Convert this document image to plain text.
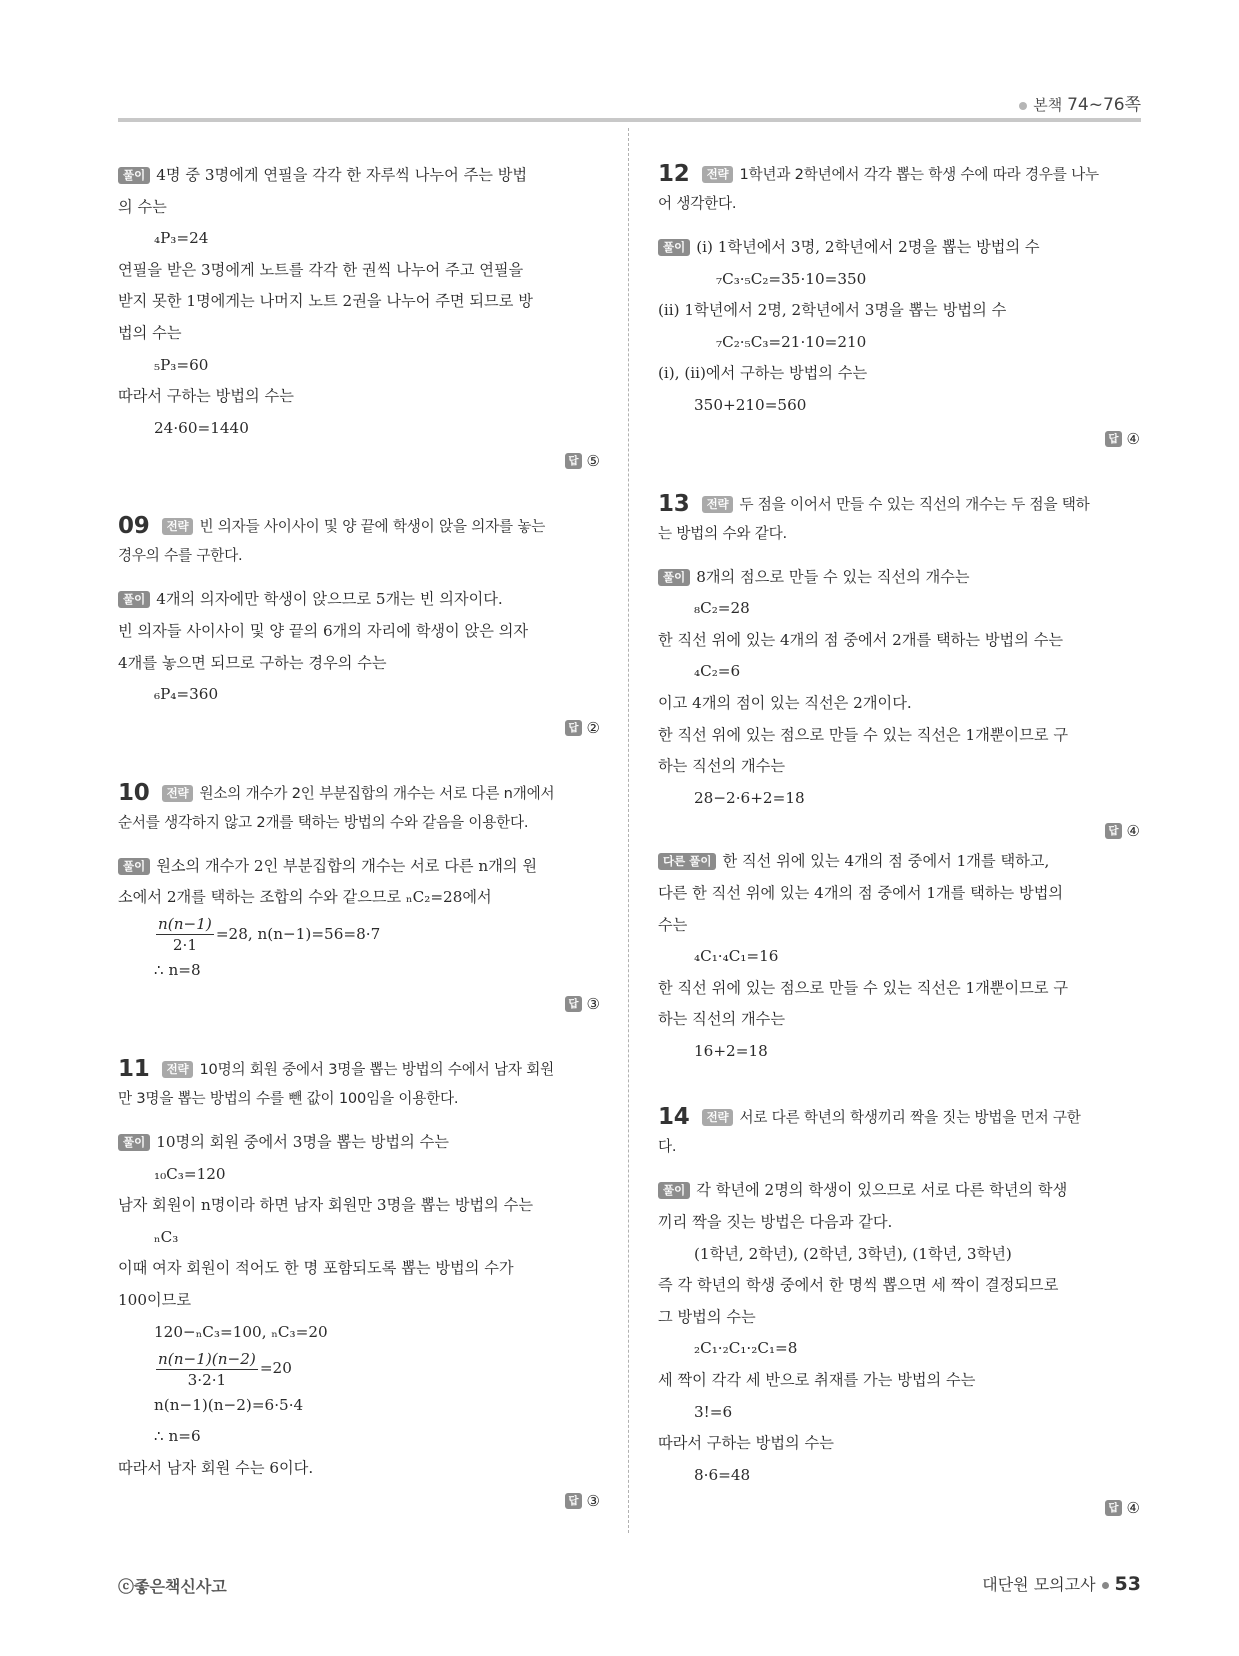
본책 74~76쪽
풀이 4명 중 3명에게 연필을 각각 한 자루씩 나누어 주는 방법
의 수는
₄P₃=24
연필을 받은 3명에게 노트를 각각 한 권씩 나누어 주고 연필을
받지 못한 1명에게는 나머지 노트 2권을 나누어 주면 되므로 방
법의 수는
₅P₃=60
따라서 구하는 방법의 수는
24·60=1440
답 ⑤
09 전략 빈 의자들 사이사이 및 양 끝에 학생이 앉을 의자를 놓는
경우의 수를 구한다.
풀이 4개의 의자에만 학생이 앉으므로 5개는 빈 의자이다.
빈 의자들 사이사이 및 양 끝의 6개의 자리에 학생이 앉은 의자
4개를 놓으면 되므로 구하는 경우의 수는
₆P₄=360
답 ②
10 전략 원소의 개수가 2인 부분집합의 개수는 서로 다른 n개에서
순서를 생각하지 않고 2개를 택하는 방법의 수와 같음을 이용한다.
풀이 원소의 개수가 2인 부분집합의 개수는 서로 다른 n개의 원
소에서 2개를 택하는 조합의 수와 같으므로 ₙC₂=28에서
$\frac{n(n-1)}{2\cdot 1} =28$, n(n−1)=56=8·7
∴ n=8
답 ③
11 전략 10명의 회원 중에서 3명을 뽑는 방법의 수에서 남자 회원
만 3명을 뽑는 방법의 수를 뺀 값이 100임을 이용한다.
풀이 10명의 회원 중에서 3명을 뽑는 방법의 수는
₁₀C₃=120
남자 회원이 n명이라 하면 남자 회원만 3명을 뽑는 방법의 수는
ₙC₃
이때 여자 회원이 적어도 한 명 포함되도록 뽑는 방법의 수가
100이므로
120−ₙC₃=100, ₙC₃=20
$\frac{n(n-1)(n-2)}{3\cdot 2\cdot 1} =20$
n(n−1)(n−2)=6·5·4
∴ n=6
따라서 남자 회원 수는 6이다.
답 ③
12 전략 1학년과 2학년에서 각각 뽑는 학생 수에 따라 경우를 나누
어 생각한다.
풀이 (ⅰ) 1학년에서 3명, 2학년에서 2명을 뽑는 방법의 수
₇C₃·₅C₂=35·10=350
(ⅱ) 1학년에서 2명, 2학년에서 3명을 뽑는 방법의 수
₇C₂·₅C₃=21·10=210
(ⅰ), (ⅱ)에서 구하는 방법의 수는
350+210=560
답 ④
13 전략 두 점을 이어서 만들 수 있는 직선의 개수는 두 점을 택하
는 방법의 수와 같다.
풀이 8개의 점으로 만들 수 있는 직선의 개수는
₈C₂=28
한 직선 위에 있는 4개의 점 중에서 2개를 택하는 방법의 수는
₄C₂=6
이고 4개의 점이 있는 직선은 2개이다.
한 직선 위에 있는 점으로 만들 수 있는 직선은 1개뿐이므로 구
하는 직선의 개수는
28−2·6+2=18
답 ④
다른 풀이 한 직선 위에 있는 4개의 점 중에서 1개를 택하고,
다른 한 직선 위에 있는 4개의 점 중에서 1개를 택하는 방법의
수는
₄C₁·₄C₁=16
한 직선 위에 있는 점으로 만들 수 있는 직선은 1개뿐이므로 구
하는 직선의 개수는
16+2=18
14 전략 서로 다른 학년의 학생끼리 짝을 짓는 방법을 먼저 구한
다.
풀이 각 학년에 2명의 학생이 있으므로 서로 다른 학년의 학생
끼리 짝을 짓는 방법은 다음과 같다.
(1학년, 2학년), (2학년, 3학년), (1학년, 3학년)
즉 각 학년의 학생 중에서 한 명씩 뽑으면 세 짝이 결정되므로
그 방법의 수는
₂C₁·₂C₁·₂C₁=8
세 짝이 각각 세 반으로 취재를 가는 방법의 수는
3!=6
따라서 구하는 방법의 수는
8·6=48
답 ④
ⓒ좋은책신사고	대단원 모의고사 53
